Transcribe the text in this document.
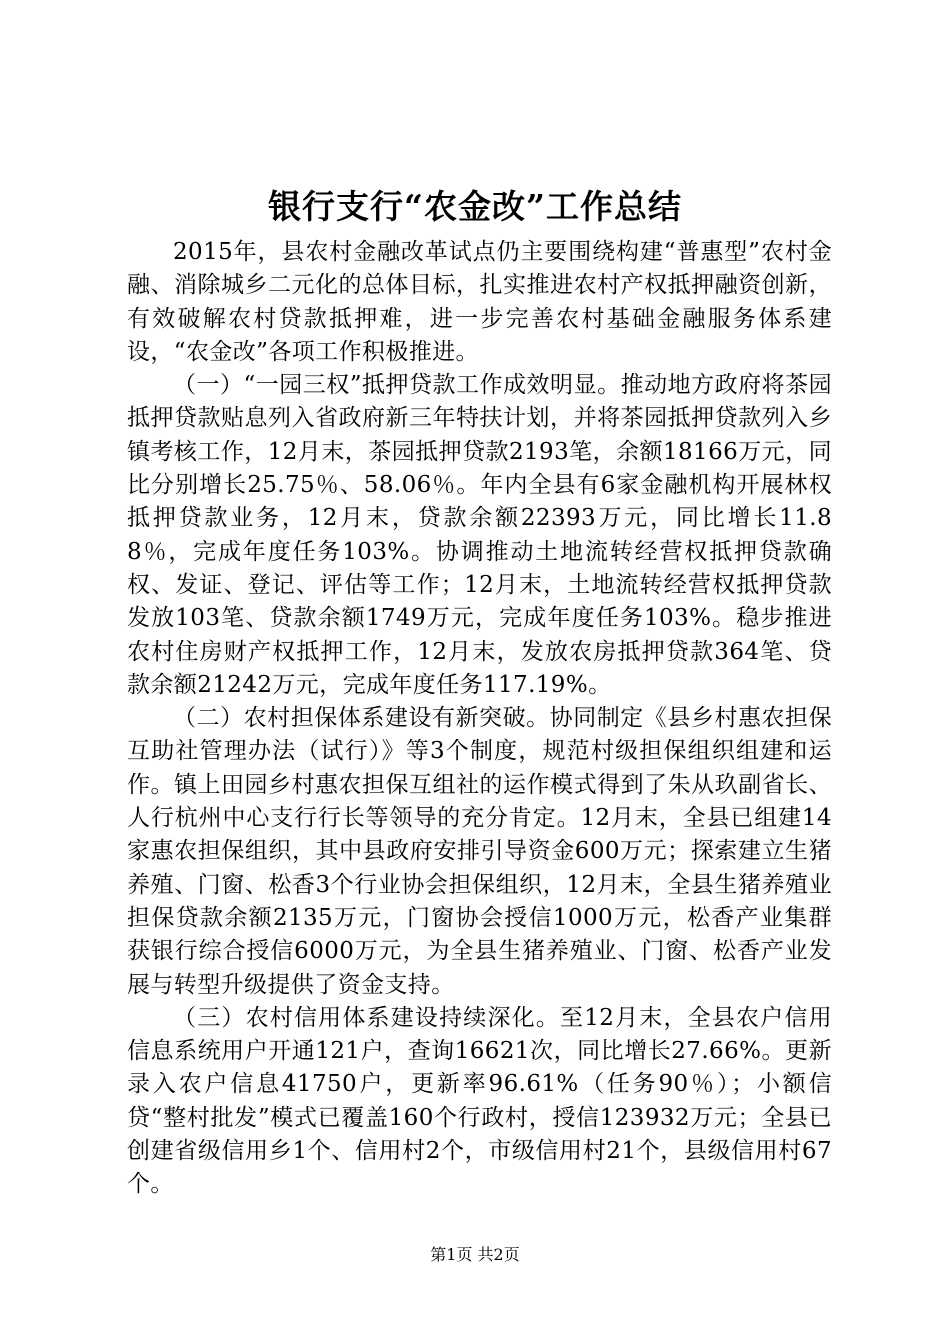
银行支行“农金改”工作总结

2015年，县农村金融改革试点仍主要围绕构建“普惠型”农村金融、消除城乡二元化的总体目标，扎实推进农村产权抵押融资创新，有效破解农村贷款抵押难，进一步完善农村基础金融服务体系建设，“农金改”各项工作积极推进。

（一）“一园三权”抵押贷款工作成效明显。推动地方政府将茶园抵押贷款贴息列入省政府新三年特扶计划，并将茶园抵押贷款列入乡镇考核工作，12月末，茶园抵押贷款2193笔，余额18166万元，同比分别增长25.75％、58.06％。年内全县有6家金融机构开展林权抵押贷款业务，12月末，贷款余额22393万元，同比增长11.88％，完成年度任务103%。协调推动土地流转经营权抵押贷款确权、发证、登记、评估等工作；12月末，土地流转经营权抵押贷款发放103笔、贷款余额1749万元，完成年度任务103%。稳步推进农村住房财产权抵押工作，12月末，发放农房抵押贷款364笔、贷款余额21242万元，完成年度任务117.19%。

（二）农村担保体系建设有新突破。协同制定《县乡村惠农担保互助社管理办法（试行）》等3个制度，规范村级担保组织组建和运作。镇上田园乡村惠农担保互组社的运作模式得到了朱从玖副省长、人行杭州中心支行行长等领导的充分肯定。12月末，全县已组建14家惠农担保组织，其中县政府安排引导资金600万元；探索建立生猪养殖、门窗、松香3个行业协会担保组织，12月末，全县生猪养殖业担保贷款余额2135万元，门窗协会授信1000万元，松香产业集群获银行综合授信6000万元，为全县生猪养殖业、门窗、松香产业发展与转型升级提供了资金支持。

（三）农村信用体系建设持续深化。至12月末，全县农户信用信息系统用户开通121户，查询16621次，同比增长27.66%。更新录入农户信息41750户，更新率96.61%（任务90％）；小额信贷“整村批发”模式已覆盖160个行政村，授信123932万元；全县已创建省级信用乡1个、信用村2个，市级信用村21个，县级信用村67个。

第1页 共2页
